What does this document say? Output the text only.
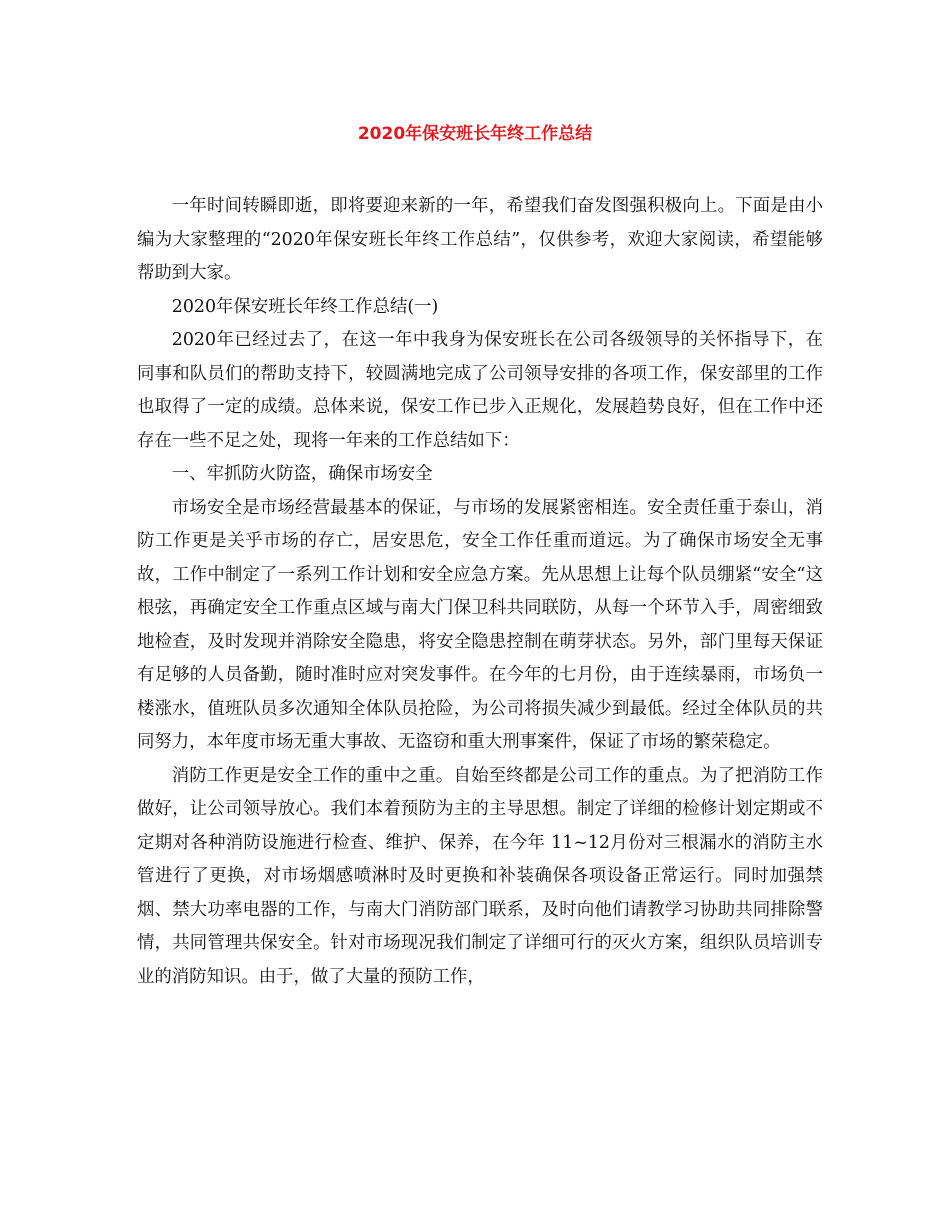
2020年保安班长年终工作总结

一年时间转瞬即逝，即将要迎来新的一年，希望我们奋发图强积极向上。下面是由小编为大家整理的“2020年保安班长年终工作总结”，仅供参考，欢迎大家阅读，希望能够帮助到大家。

2020年保安班长年终工作总结(一)

2020年已经过去了，在这一年中我身为保安班长在公司各级领导的关怀指导下，在同事和队员们的帮助支持下，较圆满地完成了公司领导安排的各项工作，保安部里的工作也取得了一定的成绩。总体来说，保安工作已步入正规化，发展趋势良好，但在工作中还存在一些不足之处，现将一年来的工作总结如下：

一、牢抓防火防盗，确保市场安全

市场安全是市场经营最基本的保证，与市场的发展紧密相连。安全责任重于泰山，消防工作更是关乎市场的存亡，居安思危，安全工作任重而道远。为了确保市场安全无事故，工作中制定了一系列工作计划和安全应急方案。先从思想上让每个队员绷紧“安全“这根弦，再确定安全工作重点区域与南大门保卫科共同联防，从每一个环节入手，周密细致地检查，及时发现并消除安全隐患，将安全隐患控制在萌芽状态。另外，部门里每天保证有足够的人员备勤，随时准时应对突发事件。在今年的七月份，由于连续暴雨，市场负一楼涨水，值班队员多次通知全体队员抢险，为公司将损失减少到最低。经过全体队员的共同努力，本年度市场无重大事故、无盗窃和重大刑事案件，保证了市场的繁荣稳定。

消防工作更是安全工作的重中之重。自始至终都是公司工作的重点。为了把消防工作做好，让公司领导放心。我们本着预防为主的主导思想。制定了详细的检修计划定期或不定期对各种消防设施进行检查、维护、保养，在今年 11~12月份对三根漏水的消防主水管进行了更换，对市场烟感喷淋时及时更换和补装确保各项设备正常运行。同时加强禁烟、禁大功率电器的工作，与南大门消防部门联系，及时向他们请教学习协助共同排除警情，共同管理共保安全。针对市场现况我们制定了详细可行的灭火方案，组织队员培训专业的消防知识。由于，做了大量的预防工作，
